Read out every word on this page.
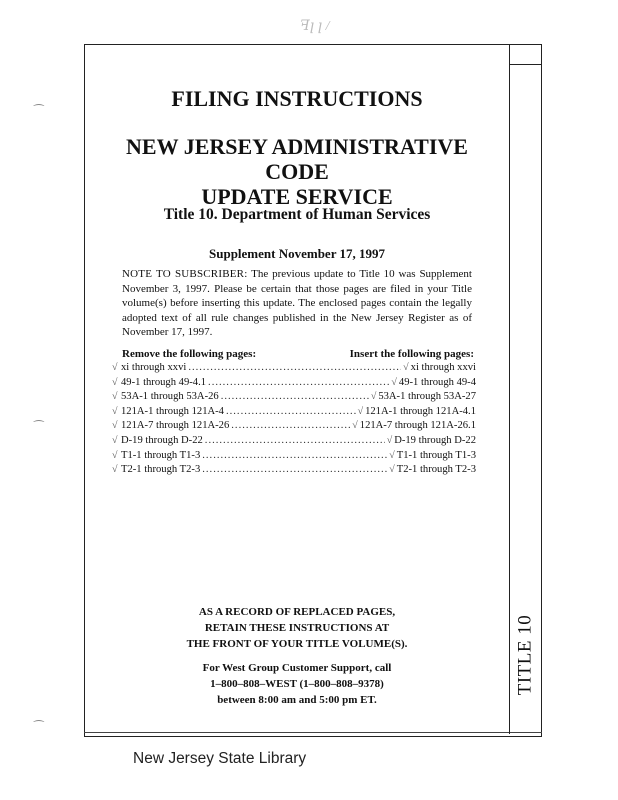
ꟻꞁ ꞁ /
⁔
⁔
⁔
FILING INSTRUCTIONS
NEW JERSEY ADMINISTRATIVE CODE
UPDATE SERVICE
Title 10. Department of Human Services
Supplement November 17, 1997

NOTE TO SUBSCRIBER: The previous update to Title 10 was Supplement November 3, 1997. Please be certain that those pages are filed in your Title volume(s) before inserting this update. The enclosed pages contain the legally adopted text of all rule changes published in the New Jersey Register as of November 17, 1997.

Remove the following pages:	Insert the following pages:
√ xi through xxvi .....	√ xi through xxvi
√ 49-1 through 49-4.1 .....	√ 49-1 through 49-4
√ 53A-1 through 53A-26 .....	√ 53A-1 through 53A-27
√ 121A-1 through 121A-4 .....	√ 121A-1 through 121A-4.1
√ 121A-7 through 121A-26 .....	√ 121A-7 through 121A-26.1
√ D-19 through D-22 .....	√ D-19 through D-22
√ T1-1 through T1-3 .....	√ T1-1 through T1-3
√ T2-1 through T2-3 .....	√ T2-1 through T2-3
AS A RECORD OF REPLACED PAGES,
RETAIN THESE INSTRUCTIONS AT
THE FRONT OF YOUR TITLE VOLUME(S).
For West Group Customer Support, call
1–800–808–WEST (1–800–808–9378)
between 8:00 am and 5:00 pm ET.
TITLE 10
New Jersey State Library
